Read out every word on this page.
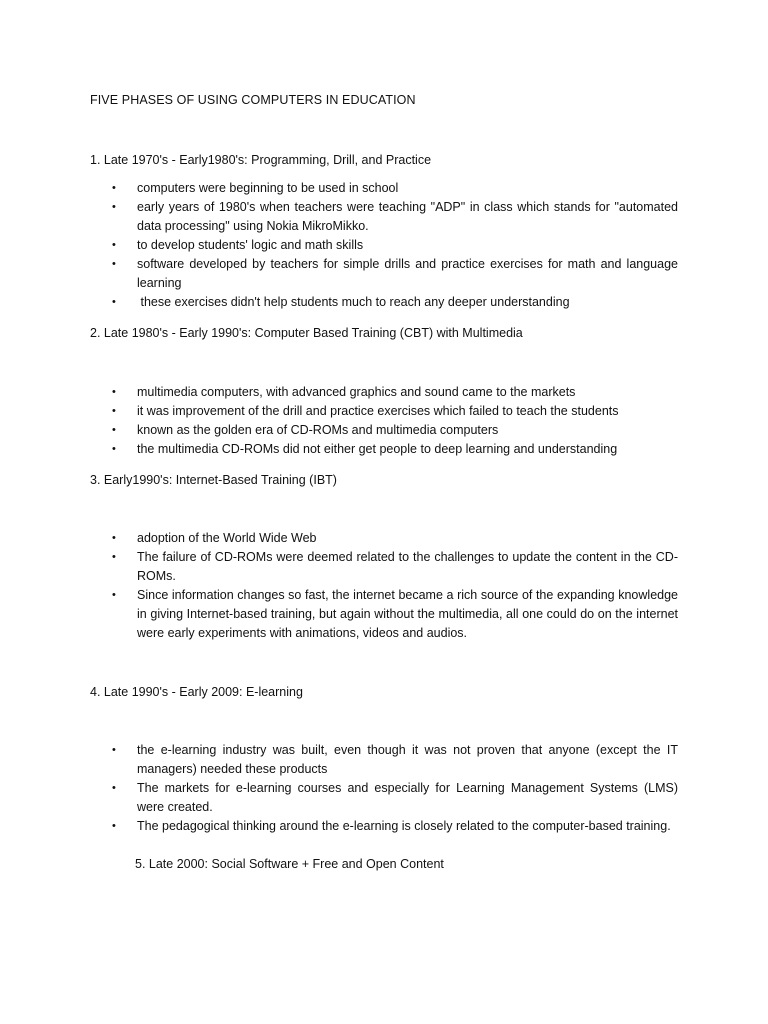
FIVE PHASES OF USING COMPUTERS IN EDUCATION
1. Late 1970's - Early1980's: Programming, Drill, and Practice
• computers were beginning to be used in school
• early years of 1980's when teachers were teaching "ADP" in class which stands for "automated data processing" using Nokia MikroMikko.
• to develop students' logic and math skills
• software developed by teachers for simple drills and practice exercises for math and language learning
• these exercises didn't help students much to reach any deeper understanding
2. Late 1980's - Early 1990's: Computer Based Training (CBT) with Multimedia
• multimedia computers, with advanced graphics and sound came to the markets
• it was improvement of the drill and practice exercises which failed to teach the students
• known as the golden era of CD-ROMs and multimedia computers
• the multimedia CD-ROMs did not either get people to deep learning and understanding
3. Early1990's: Internet-Based Training (IBT)
• adoption of the World Wide Web
• The failure of CD-ROMs were deemed related to the challenges to update the content in the CD-ROMs.
• Since information changes so fast, the internet became a rich source of the expanding knowledge in giving Internet-based training, but again without the multimedia, all one could do on the internet were early experiments with animations, videos and audios.
4. Late 1990's - Early 2009: E-learning
• the e-learning industry was built, even though it was not proven that anyone (except the IT managers) needed these products
• The markets for e-learning courses and especially for Learning Management Systems (LMS) were created.
• The pedagogical thinking around the e-learning is closely related to the computer-based training.
5. Late 2000: Social Software + Free and Open Content
